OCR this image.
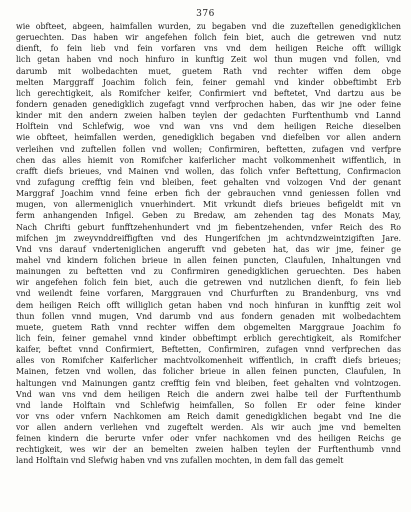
376
wie obfteet, abgeen, haimfallen wurden, zu begaben vnd die zuzeftellen genedigklichen
geruechten. Das haben wir angefehen folich fein biet, auch die getrewen vnd nutz
dienft, fo fein lieb vnd fein vorfaren vns vnd dem heiligen Reiche offt willigk
lich getan haben vnd noch hinfuro in kunftig Zeit wol thun mugen vnd follen, vnd
darumb mit wolbedachten muet, guetem Rath vnd rechter wiffen dem obge
melten Marggraff Joachim folich fein, feiner gemahl vnd kinder obbeftimbt Erb
lich gerechtigkeit, als Romifcher keifer, Confirmiert vnd beftetet, Vnd dartzu aus be
fondern genaden genedigklich zugefagt vnnd verfprochen haben, das wir jne oder feine
kinder mit den andern zweien halben teylen der gedachten Furftenthumb vnd Lannd
Holftein vnd Schlefwig, woe vnd wan vns vnd dem heiligen Reiche dieselben
wie obfteet, heimfallen werden, genedigklich begaben vnd diefelben vor allen andern
verleihen vnd zuftellen follen vnd wollen; Confirmiren, beftetten, zufagen vnd verfpre
chen das alles hiemit von Romifcher kaiferlicher macht volkommenheit wiffentlich, in
crafft diefs brieues, vnd Mainen vnd wollen, das folich vnfer Beftettung, Confirmacion
vnd zufagung crefftig fein vnd bleiben, feet gehalten vnd volzogen Vnd der genant
Marggraf Joachim vnnd feine erben fich der gebrauchen vnnd geniessen follen vnd
mugen, von allermeniglich vnuerhindert. Mit vrkundt diefs brieues befigeldt mit vn
ferm anhangenden Infigel. Geben zu Bredaw, am zehenden tag des Monats May,
Nach Chrifti geburt funfftzehenhundert vnd jm fiebentzehenden, vnfer Reich des Ro
mifchen jm zweyvnddreiffigften vnd des Hungerifchen jm achtvndzweintzigiften Jare.
Vnd vns darauf vnderteniglichen angerufft vnd gebeten hat, das wir jme, feiner ge
mahel vnd kindern folichen brieue in allen feinen puncten, Claufulen, Inhaltungen vnd
mainungen zu beftetten vnd zu Confirmiren genedigklichen geruechten. Des haben
wir angefehen folich fein biet, auch die getrewen vnd nutzlichen dienft, fo fein lieb
vnd weilendt feine vorfaren, Marggrauen vnd Churfurften zu Brandenburg, vns vnd
dem heiligen Reich offt williglich getan haben vnd noch hinfuran in kunfftig zeit wol
thun follen vnnd mugen, Vnd darumb vnd aus fondern genaden mit wolbedachtem
muete, guetem Rath vnnd rechter wiffen dem obgemelten Marggraue Joachim fo
lich fein, feiner gemahel vnnd kinder obbeftimpt erblich gerechtigkeit, als Romifcher
kaifer, beftet vnnd Confirmiert, Beftetten, Confirmiren, zufagen vnnd verfprechen das
alles von Romifcher Kaiferlicher machtvolkomenheit wiffentlich, in crafft diefs brieues;
Mainen, fetzen vnd wollen, das folicher brieue in allen feinen puncten, Claufulen, In
haltungen vnd Mainungen gantz crefftig fein vnd bleiben, feet gehalten vnd volntzogen.
Vnd wan vns vnd dem heiligen Reich die andern zwei halbe teil der Furftenthumb
vnd lande Holftain vnd Schlefwig heimfallen, So follen Er oder feine kinder
vor vns oder vnfern Nachkomen am Reich damit genedigklichen begabt vnd Ine die
vor allen andern verliehen vnd zugeftelt werden. Als wir auch jme vnd bemelten
feinen kindern die berurte vnfer oder vnfer nachkomen vnd des heiligen Reichs ge
rechtigkeit, wes wir der an bemelten zweien halben teylen der Furftenthumb vnnd
land Holftain vnd Slefwig haben vnd vns zufallen mochten, in dem fall das gemelt
